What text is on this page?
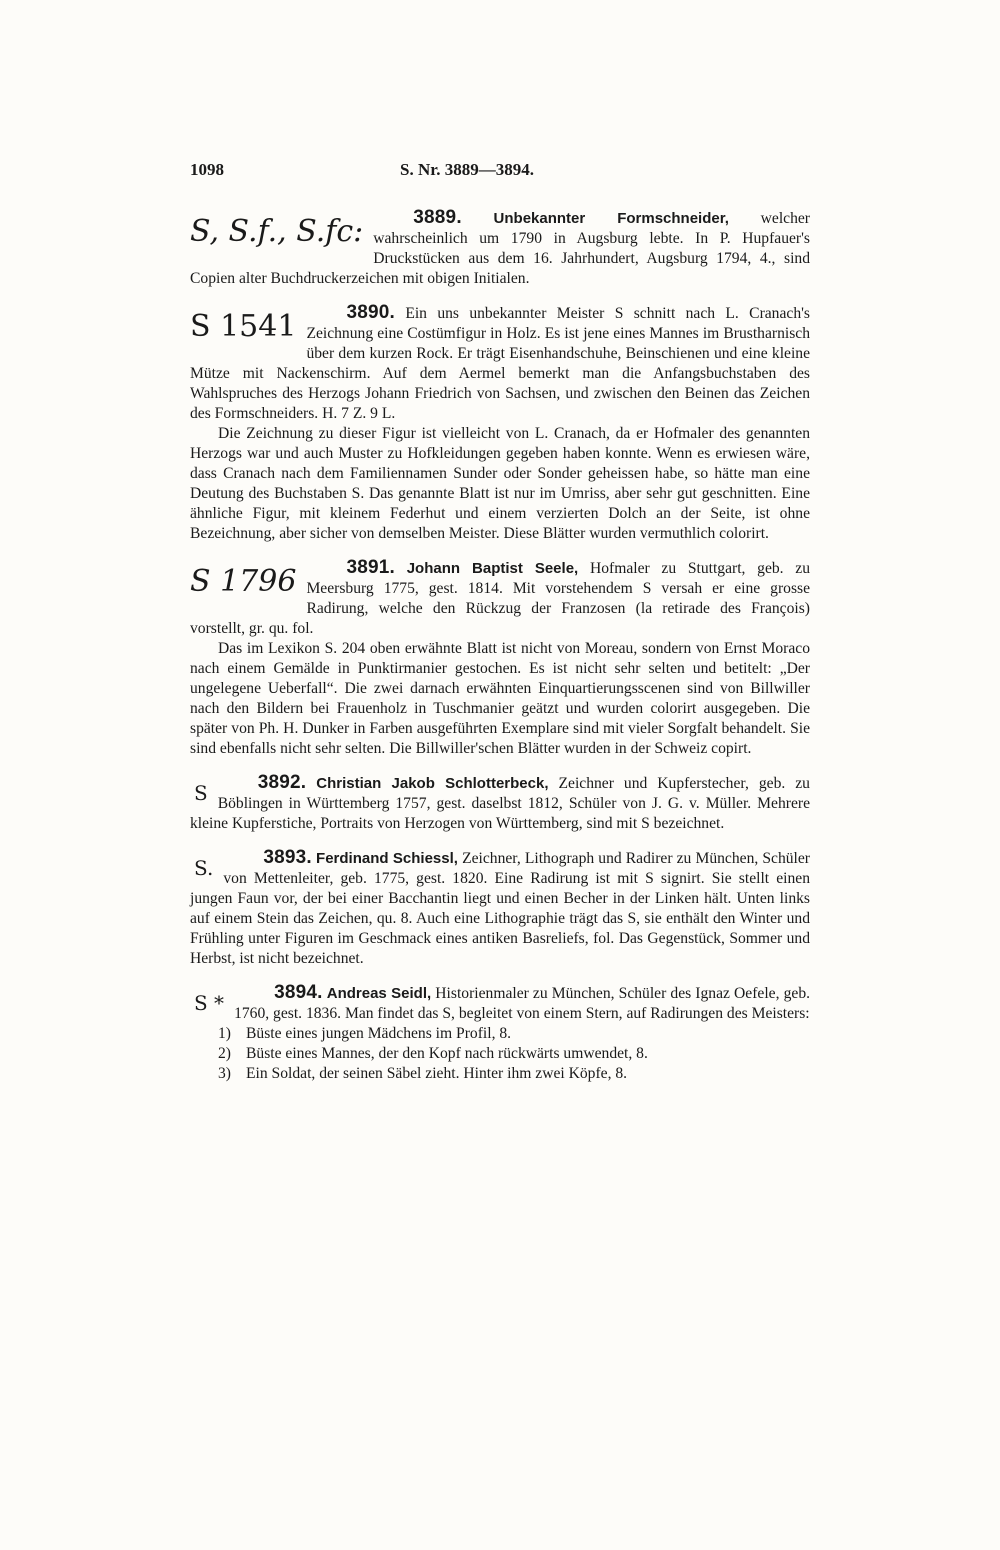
1098	S. Nr. 3889—3894.
3889. Unbekannter Formschneider,
S, S.f., S.fc:	welcher wahrscheinlich um 1790 in Augsburg lebte. In P. Hupfauer's Druckstücken aus dem 16. Jahrhundert, Augsburg 1794, 4., sind Copien alter Buchdruckerzeichen mit obigen Initialen.
3890.
S 1541	Ein uns unbekannter Meister S schnitt nach L. Cranach's Zeichnung eine Costümfigur in Holz. Es ist jene eines Mannes im Brustharnisch über dem kurzen Rock. Er trägt Eisenhandschuhe, Beinschienen und eine kleine Mütze mit Nackenschirm. Auf dem Aermel bemerkt man die Anfangsbuchstaben des Wahlspruches des Herzogs Johann Friedrich von Sachsen, und zwischen den Beinen das Zeichen des Formschneiders. H. 7 Z. 9 L.

Die Zeichnung zu dieser Figur ist vielleicht von L. Cranach, da er Hofmaler des genannten Herzogs war und auch Muster zu Hofkleidungen gegeben haben konnte. Wenn es erwiesen wäre, dass Cranach nach dem Familiennamen Sunder oder Sonder geheissen habe, so hätte man eine Deutung des Buchstaben S. Das genannte Blatt ist nur im Umriss, aber sehr gut geschnitten. Eine ähnliche Figur, mit kleinem Federhut und einem verzierten Dolch an der Seite, ist ohne Bezeichnung, aber sicher von demselben Meister. Diese Blätter wurden vermuthlich colorirt.

3891. Johann Baptist Seele,
S 1796	Hofmaler zu Stuttgart, geb. zu Meersburg 1775, gest. 1814. Mit vorstehendem S versah er eine grosse Radirung, welche den Rückzug der Franzosen (la retirade des François) vorstellt, gr. qu. fol.

Das im Lexikon S. 204 oben erwähnte Blatt ist nicht von Moreau, sondern von Ernst Moraco nach einem Gemälde in Punktirmanier gestochen. Es ist nicht sehr selten und betitelt: „Der ungelegene Ueberfall“. Die zwei darnach erwähnten Einquartierungsscenen sind von Billwiller nach den Bildern bei Frauenholz in Tuschmanier geätzt und wurden colorirt ausgegeben. Die später von Ph. H. Dunker in Farben ausgeführten Exemplare sind mit vieler Sorgfalt behandelt. Sie sind ebenfalls nicht sehr selten. Die Billwiller'schen Blätter wurden in der Schweiz copirt.

3892. Christian Jakob Schlotterbeck,
S	Zeichner und Kupferstecher, geb. zu Böblingen in Württemberg 1757, gest. daselbst 1812, Schüler von J. G. v. Müller. Mehrere kleine Kupferstiche, Portraits von Herzogen von Württemberg, sind mit S bezeichnet.
3893. Ferdinand Schiessl,
S.	Zeichner, Lithograph und Radirer zu München, Schüler von Mettenleiter, geb. 1775, gest. 1820. Eine Radirung ist mit S signirt. Sie stellt einen jungen Faun vor, der bei einer Bacchantin liegt und einen Becher in der Linken hält. Unten links auf einem Stein das Zeichen, qu. 8. Auch eine Lithographie trägt das S, sie enthält den Winter und Frühling unter Figuren im Geschmack eines antiken Basreliefs, fol. Das Gegenstück, Sommer und Herbst, ist nicht bezeichnet.
3894. Andreas Seidl,
S *	Historienmaler zu München, Schüler des Ignaz Oefele, geb. 1760, gest. 1836. Man findet das S, begleitet von einem Stern, auf Radirungen des Meisters:
1) Büste eines jungen Mädchens im Profil, 8.
2) Büste eines Mannes, der den Kopf nach rückwärts umwendet, 8.
3) Ein Soldat, der seinen Säbel zieht. Hinter ihm zwei Köpfe, 8.
